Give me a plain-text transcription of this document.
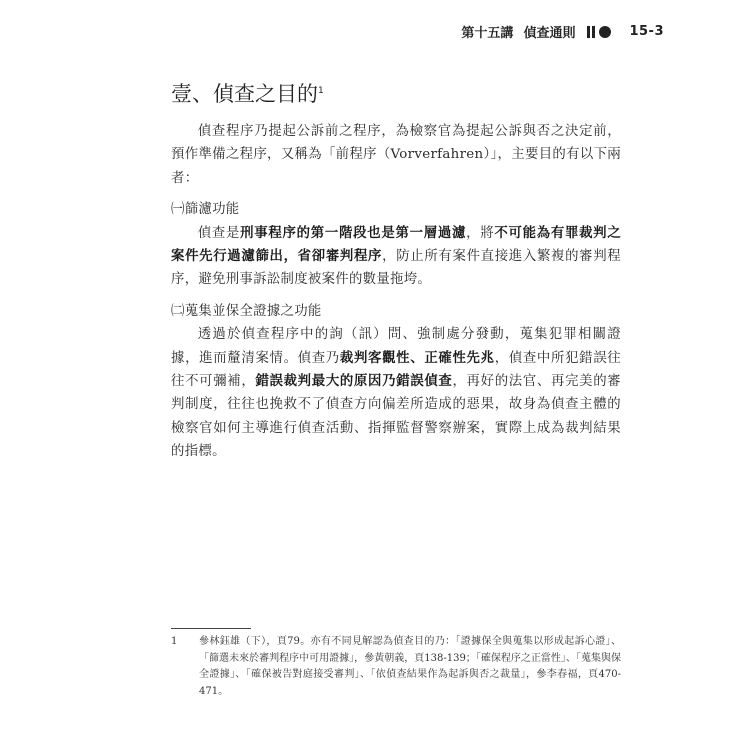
第十五講 偵查通則	15-3
壹、偵查之目的$^1$

偵查程序乃提起公訴前之程序，為檢察官為提起公訴與否之決定前，預作準備之程序，又稱為「前程序（Vorverfahren）」，主要目的有以下兩者：

㈠篩濾功能

偵查是刑事程序的第一階段也是第一層過濾，將不可能為有罪裁判之案件先行過濾篩出，省卻審判程序，防止所有案件直接進入繁複的審判程序，避免刑事訴訟制度被案件的數量拖垮。

㈡蒐集並保全證據之功能

透過於偵查程序中的詢（訊）問、強制處分發動，蒐集犯罪相關證據，進而釐清案情。偵查乃裁判客觀性、正確性先兆，偵查中所犯錯誤往往不可彌補，錯誤裁判最大的原因乃錯誤偵查，再好的法官、再完美的審判制度，往往也挽救不了偵查方向偏差所造成的惡果，故身為偵查主體的檢察官如何主導進行偵查活動、指揮監督警察辦案，實際上成為裁判結果的指標。

1	參林鈺雄（下），頁79。亦有不同見解認為偵查目的乃：「證據保全與蒐集以形成起訴心證」、「篩選未來於審判程序中可用證據」，參黃朝義，頁138-139；「確保程序之正當性」、「蒐集與保全證據」、「確保被告對庭接受審判」、「依偵查結果作為起訴與否之裁量」，參李春福，頁470-471。
